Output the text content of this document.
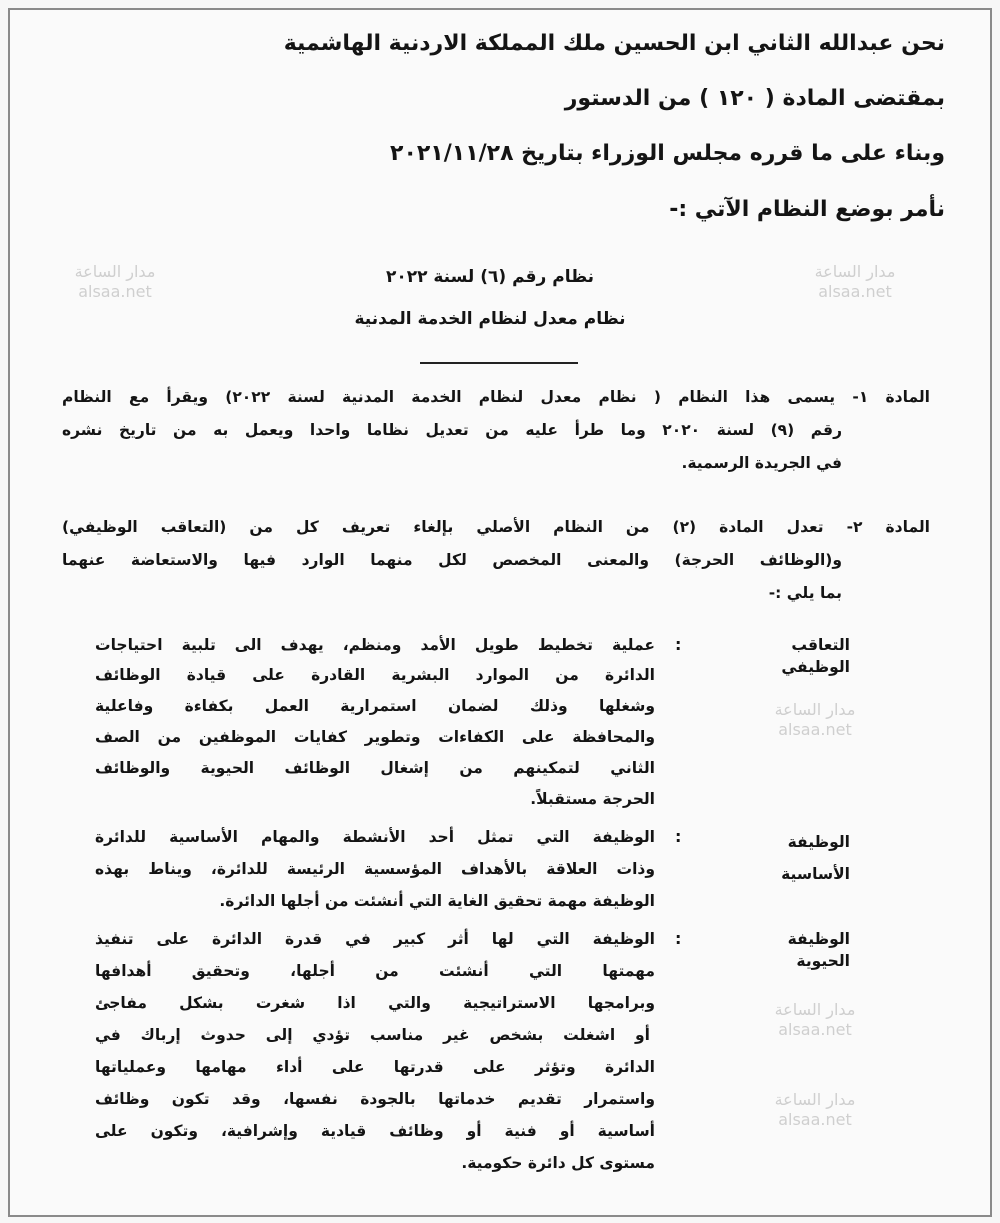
نحن عبدالله الثاني ابن الحسين ملك المملكة الاردنية الهاشمية
بمقتضى المادة ( ١٢٠ ) من الدستور
وبناء على ما قرره مجلس الوزراء بتاريخ ٢٠٢١/١١/٢٨
نأمر بوضع النظام الآتي :-
نظام رقم (٦) لسنة ٢٠٢٢
نظام معدل لنظام الخدمة المدنية
المادة ١- يسمى هذا النظام ( نظام معدل لنظام الخدمة المدنية لسنة ٢٠٢٢) ويقرأ مع النظام
رقم (٩) لسنة ٢٠٢٠ وما طرأ عليه من تعديل نظاما واحدا ويعمل به من تاريخ نشره
في الجريدة الرسمية.
المادة ٢- تعدل المادة (٢) من النظام الأصلي بإلغاء تعريف كل من (التعاقب الوظيفي)
و(الوظائف الحرجة) والمعنى المخصص لكل منهما الوارد فيها والاستعاضة عنهما
بما يلي :-
التعاقب الوظيفي
:
عملية تخطيط طويل الأمد ومنظم، يهدف الى تلبية احتياجات
الدائرة من الموارد البشرية القادرة على قيادة الوظائف
وشغلها وذلك لضمان استمرارية العمل بكفاءة وفاعلية
والمحافظة على الكفاءات وتطوير كفايات الموظفين من الصف
الثاني لتمكينهم من إشغال الوظائف الحيوية والوظائف
الحرجة مستقبلاً.
الوظيفة الأساسية
:
الوظيفة التي تمثل أحد الأنشطة والمهام الأساسية للدائرة
وذات العلاقة بالأهداف المؤسسية الرئيسة للدائرة، ويناط بهذه
الوظيفة مهمة تحقيق الغاية التي أنشئت من أجلها الدائرة.
الوظيفة الحيوية
:
الوظيفة التي لها أثر كبير في قدرة الدائرة على تنفيذ
مهمتها التي أنشئت من أجلها، وتحقيق أهدافها
وبرامجها الاستراتيجية والتي اذا شغرت بشكل مفاجئ
أو اشغلت بشخص غير مناسب تؤدي إلى حدوث إرباك في
الدائرة وتؤثر على قدرتها على أداء مهامها وعملياتها
واستمرار تقديم خدماتها بالجودة نفسها، وقد تكون وظائف
أساسية أو فنية أو وظائف قيادية وإشرافية، وتكون على
مستوى كل دائرة حكومية.
مدار الساعة
alsaa.net
مدار الساعة
alsaa.net
مدار الساعة
alsaa.net
مدار الساعة
alsaa.net
مدار الساعة
alsaa.net
